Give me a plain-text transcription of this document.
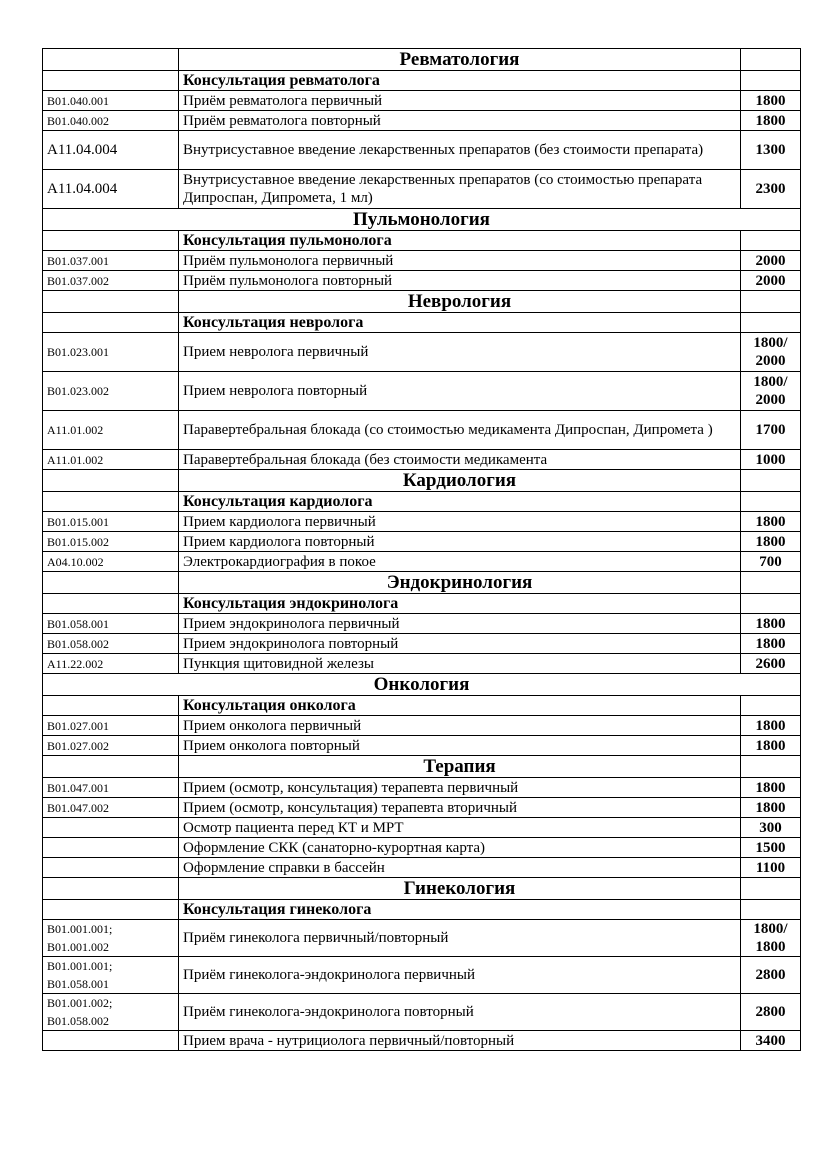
	Ревматология	
	Консультация ревматолога	
B01.040.001	Приём ревматолога первичный	1800
B01.040.002	Приём ревматолога повторный	1800
A11.04.004	Внутрисуставное введение лекарственных препаратов (без стоимости препарата)	1300
A11.04.004	Внутрисуставное введение лекарственных препаратов (со стоимостью препарата Дипроспан, Дипромета, 1 мл)	2300
Пульмонология		
	Консультация пульмонолога	
B01.037.001	Приём пульмонолога первичный	2000
B01.037.002	Приём пульмонолога повторный	2000
	Неврология	
	Консультация невролога	
B01.023.001	Прием невролога первичный	1800/ 2000
B01.023.002	Прием невролога повторный	1800/ 2000
A11.01.002	Паравертебральная блокада (со стоимостью медикамента Дипроспан, Дипромета )	1700
A11.01.002	Паравертебральная блокада (без стоимости медикамента	1000
	Кардиология	
	Консультация кардиолога	
B01.015.001	Прием кардиолога первичный	1800
B01.015.002	Прием кардиолога повторный	1800
A04.10.002	Электрокардиография в покое	700
	Эндокринология	
	Консультация эндокринолога	
B01.058.001	Прием эндокринолога первичный	1800
B01.058.002	Прием эндокринолога повторный	1800
A11.22.002	Пункция щитовидной железы	2600
Онкология		
	Консультация онколога	
B01.027.001	Прием онколога первичный	1800
B01.027.002	Прием онколога повторный	1800
	Терапия	
B01.047.001	Прием (осмотр, консультация) терапевта первичный	1800
B01.047.002	Прием (осмотр, консультация) терапевта вторичный	1800
	Осмотр пациента перед КТ и МРТ	300
	Оформление СКК (санаторно-курортная карта)	1500
	Оформление справки в бассейн	1100
	Гинекология	
	Консультация гинеколога	
B01.001.001; B01.001.002	Приём гинеколога первичный/повторный	1800/ 1800
B01.001.001; B01.058.001	Приём гинеколога-эндокринолога первичный	2800
B01.001.002; B01.058.002	Приём гинеколога-эндокринолога повторный	2800
	Прием врача - нутрициолога первичный/повторный	3400
